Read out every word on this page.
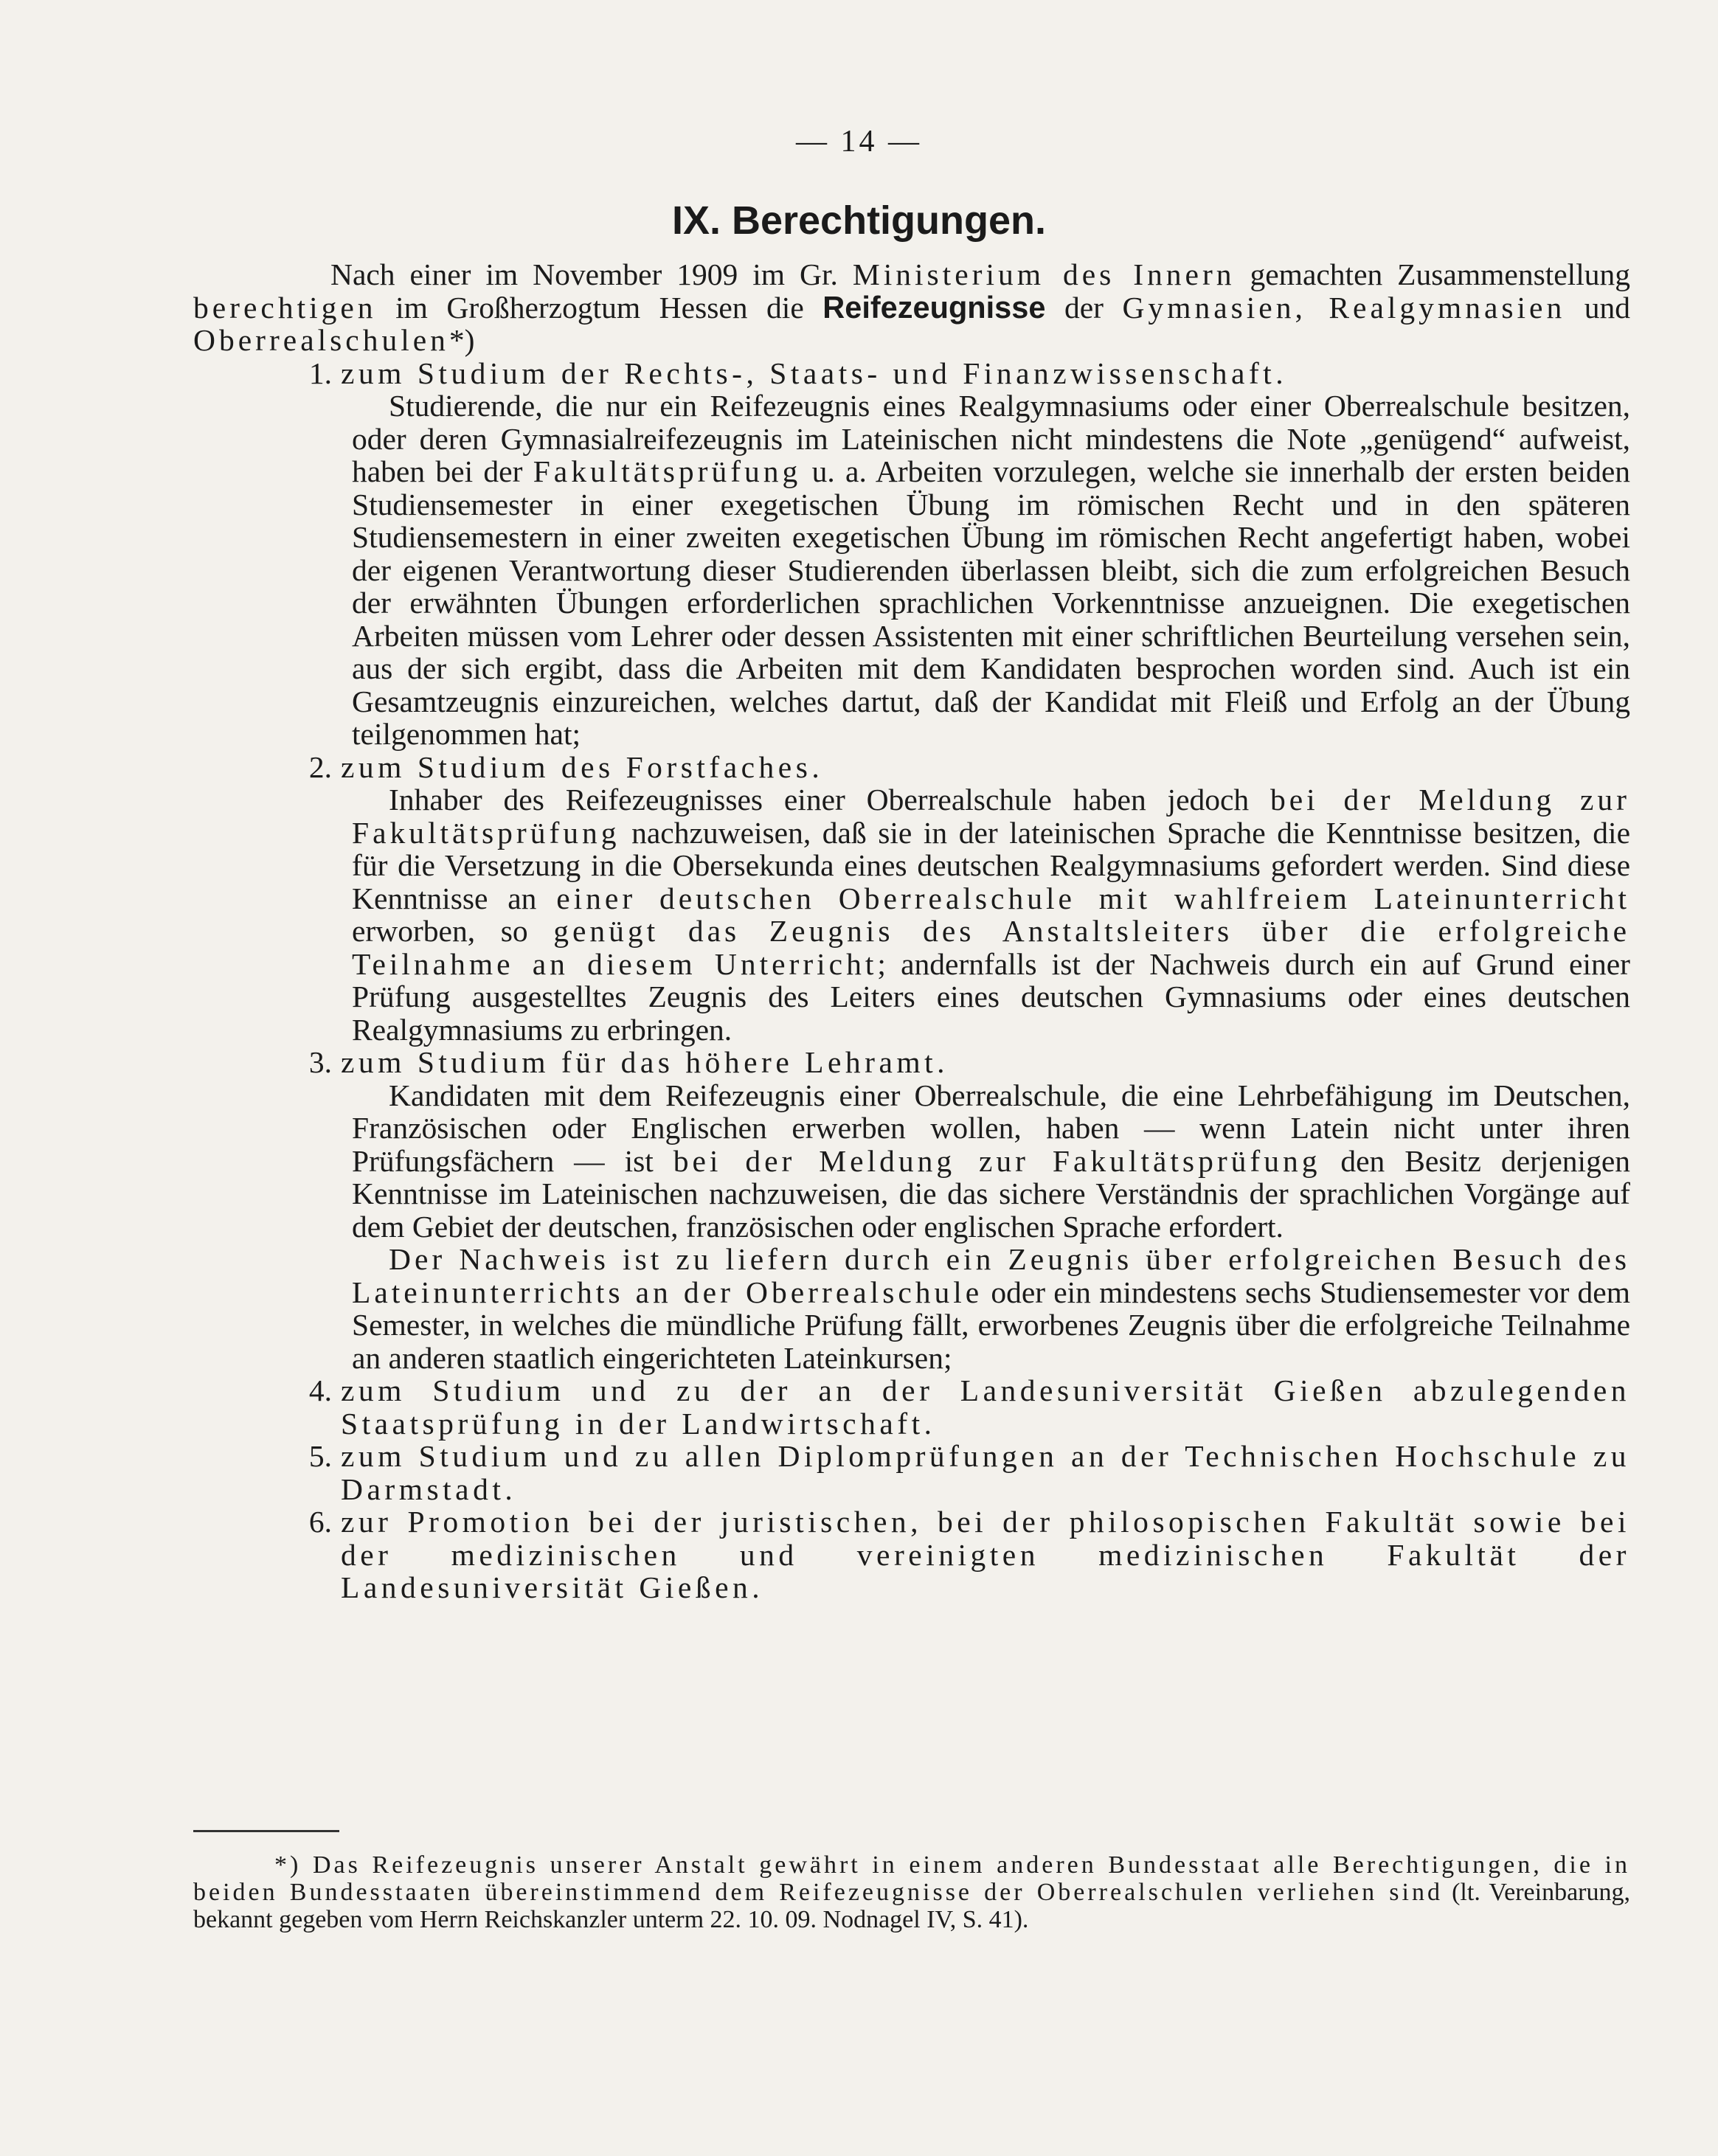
— 14 —
IX. Berechtigungen.

Nach einer im November 1909 im Gr. Ministerium des Innern gemachten Zusammenstellung berechtigen im Großherzogtum Hessen die Reifezeugnisse der Gymnasien, Realgymnasien und Oberrealschulen*)

1. zum Studium der Rechts-, Staats- und Finanzwissenschaft.

Studierende, die nur ein Reifezeugnis eines Realgymnasiums oder einer Oberrealschule besitzen, oder deren Gymnasialreifezeugnis im Lateinischen nicht mindestens die Note „genügend“ aufweist, haben bei der Fakultätsprüfung u. a. Arbeiten vorzulegen, welche sie innerhalb der ersten beiden Studiensemester in einer exegetischen Übung im römischen Recht und in den späteren Studiensemestern in einer zweiten exegetischen Übung im römischen Recht angefertigt haben, wobei der eigenen Verantwortung dieser Studierenden überlassen bleibt, sich die zum erfolgreichen Besuch der erwähnten Übungen erforderlichen sprachlichen Vorkenntnisse anzueignen. Die exegetischen Arbeiten müssen vom Lehrer oder dessen Assistenten mit einer schriftlichen Beurteilung versehen sein, aus der sich ergibt, dass die Arbeiten mit dem Kandidaten besprochen worden sind. Auch ist ein Gesamtzeugnis einzureichen, welches dartut, daß der Kandidat mit Fleiß und Erfolg an der Übung teilgenommen hat;

2. zum Studium des Forstfaches.

Inhaber des Reifezeugnisses einer Oberrealschule haben jedoch bei der Meldung zur Fakultätsprüfung nachzuweisen, daß sie in der lateinischen Sprache die Kenntnisse besitzen, die für die Versetzung in die Obersekunda eines deutschen Realgymnasiums gefordert werden. Sind diese Kenntnisse an einer deutschen Oberrealschule mit wahlfreiem Lateinunterricht erworben, so genügt das Zeugnis des Anstaltsleiters über die erfolgreiche Teilnahme an diesem Unterricht; andernfalls ist der Nachweis durch ein auf Grund einer Prüfung ausgestelltes Zeugnis des Leiters eines deutschen Gymnasiums oder eines deutschen Realgymnasiums zu erbringen.

3. zum Studium für das höhere Lehramt.

Kandidaten mit dem Reifezeugnis einer Oberrealschule, die eine Lehrbefähigung im Deutschen, Französischen oder Englischen erwerben wollen, haben — wenn Latein nicht unter ihren Prüfungsfächern — ist bei der Meldung zur Fakultätsprüfung den Besitz derjenigen Kenntnisse im Lateinischen nachzuweisen, die das sichere Verständnis der sprachlichen Vorgänge auf dem Gebiet der deutschen, französischen oder englischen Sprache erfordert.

Der Nachweis ist zu liefern durch ein Zeugnis über erfolgreichen Besuch des Lateinunterrichts an der Oberrealschule oder ein mindestens sechs Studiensemester vor dem Semester, in welches die mündliche Prüfung fällt, erworbenes Zeugnis über die erfolgreiche Teilnahme an anderen staatlich eingerichteten Lateinkursen;

4. zum Studium und zu der an der Landesuniversität Gießen abzulegenden Staatsprüfung in der Landwirtschaft.
5. zum Studium und zu allen Diplomprüfungen an der Technischen Hochschule zu Darmstadt.
6. zur Promotion bei der juristischen, bei der philosopischen Fakultät sowie bei der medizinischen und vereinigten medizinischen Fakultät der Landesuniversität Gießen.
*) Das Reifezeugnis unserer Anstalt gewährt in einem anderen Bundesstaat alle Berechtigungen, die in beiden Bundesstaaten übereinstimmend dem Reifezeugnisse der Oberrealschulen verliehen sind (lt. Vereinbarung, bekannt gegeben vom Herrn Reichskanzler unterm 22. 10. 09. Nodnagel IV, S. 41).
